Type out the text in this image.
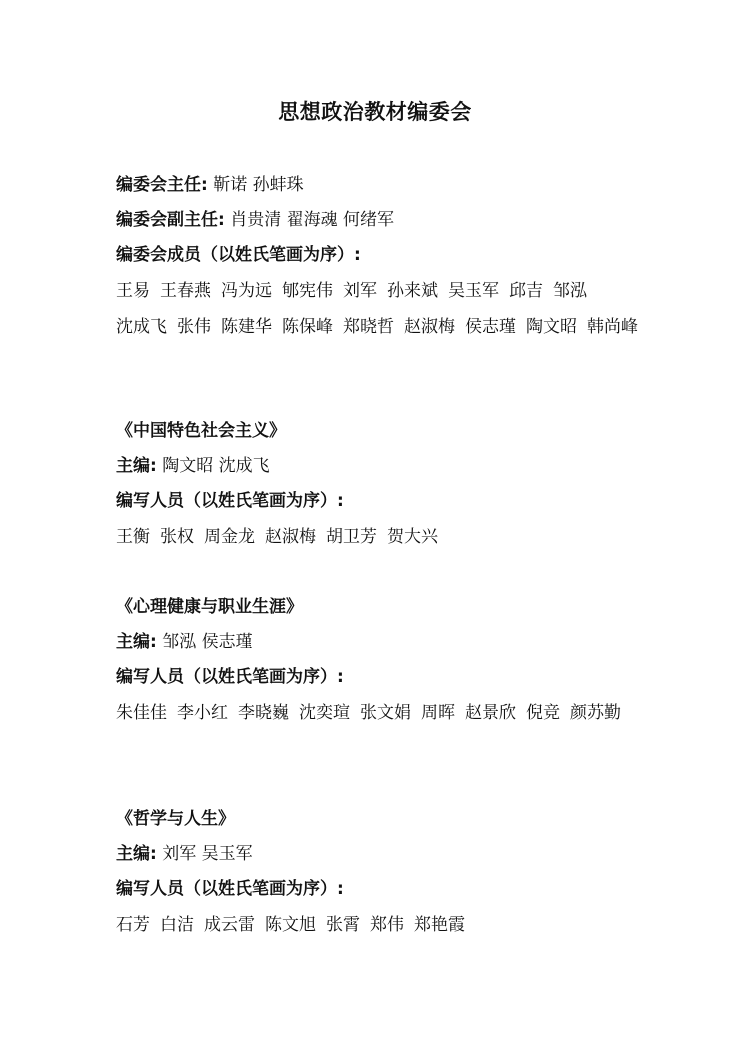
思想政治教材编委会
编委会主任: 靳诺 孙蚌珠
编委会副主任: 肖贵清 翟海魂 何绪军
编委会成员（以姓氏笔画为序）:
王易 王春燕 冯为远 郇宪伟 刘军 孙来斌 吴玉军 邱吉 邹泓沈成飞 张伟 陈建华 陈保峰 郑晓哲 赵淑梅 侯志瑾 陶文昭 韩尚峰
《中国特色社会主义》
主编: 陶文昭 沈成飞
编写人员（以姓氏笔画为序）:
王衡 张权 周金龙 赵淑梅 胡卫芳 贺大兴
《心理健康与职业生涯》
主编: 邹泓 侯志瑾
编写人员（以姓氏笔画为序）:
朱佳佳 李小红 李晓巍 沈奕瑄 张文娟 周晖 赵景欣 倪竞 颜苏勤
《哲学与人生》
主编: 刘军 吴玉军
编写人员（以姓氏笔画为序）:
石芳 白洁 成云雷 陈文旭 张霄 郑伟 郑艳霞
